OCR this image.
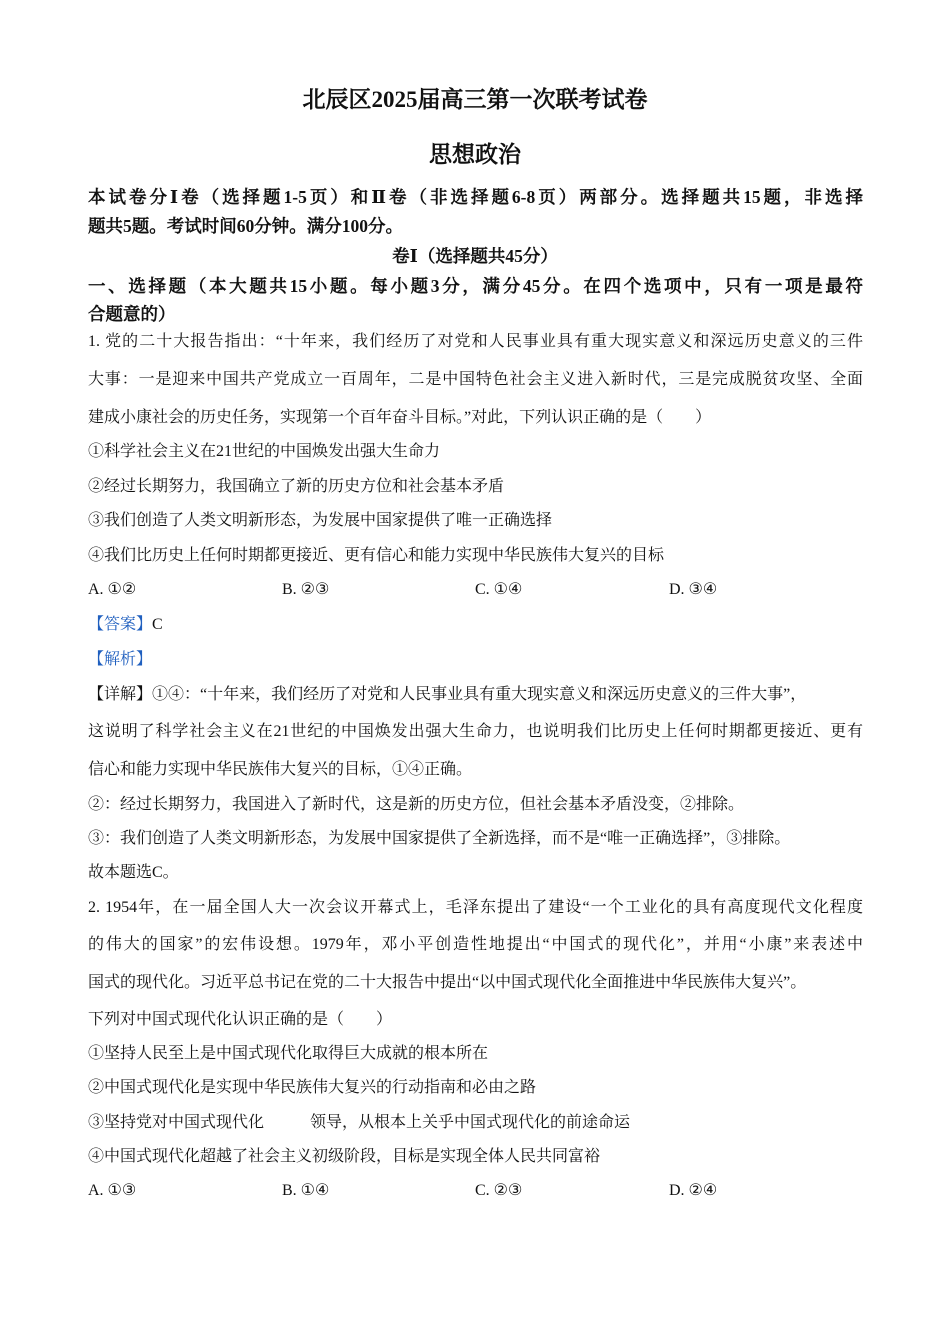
北辰区2025届高三第一次联考试卷
思想政治
本试卷分Ⅰ卷（选择题1-5页）和Ⅱ卷（非选择题6-8页）两部分。选择题共15题，非选择
题共5题。考试时间60分钟。满分100分。
卷Ⅰ（选择题共45分）
一、选择题（本大题共15小题。每小题3分，满分45分。在四个选项中，只有一项是最符
合题意的）
1. 党的二十大报告指出：“十年来，我们经历了对党和人民事业具有重大现实意义和深远历史意义的三件
大事：一是迎来中国共产党成立一百周年，二是中国特色社会主义进入新时代，三是完成脱贫攻坚、全面
建成小康社会的历史任务，实现第一个百年奋斗目标。”对此，下列认识正确的是（　　）
①科学社会主义在21世纪的中国焕发出强大生命力
②经过长期努力，我国确立了新的历史方位和社会基本矛盾
③我们创造了人类文明新形态，为发展中国家提供了唯一正确选择
④我们比历史上任何时期都更接近、更有信心和能力实现中华民族伟大复兴的目标
A. ①②	B. ②③	C. ①④	D. ③④
【答案】C
【解析】
【详解】①④：“十年来，我们经历了对党和人民事业具有重大现实意义和深远历史意义的三件大事”，
这说明了科学社会主义在21世纪的中国焕发出强大生命力，也说明我们比历史上任何时期都更接近、更有
信心和能力实现中华民族伟大复兴的目标，①④正确。
②：经过长期努力，我国进入了新时代，这是新的历史方位，但社会基本矛盾没变，②排除。
③：我们创造了人类文明新形态，为发展中国家提供了全新选择，而不是“唯一正确选择”，③排除。
故本题选C。
2. 1954年，在一届全国人大一次会议开幕式上，毛泽东提出了建设“一个工业化的具有高度现代文化程度
的伟大的国家”的宏伟设想。1979年，邓小平创造性地提出“中国式的现代化”，并用“小康”来表述中
国式的现代化。习近平总书记在党的二十大报告中提出“以中国式现代化全面推进中华民族伟大复兴”。
下列对中国式现代化认识正确的是（　　）
①坚持人民至上是中国式现代化取得巨大成就的根本所在
②中国式现代化是实现中华民族伟大复兴的行动指南和必由之路
③坚持党对中国式现代化	领导，从根本上关乎中国式现代化的前途命运
④中国式现代化超越了社会主义初级阶段，目标是实现全体人民共同富裕
A. ①③	B. ①④	C. ②③	D. ②④
